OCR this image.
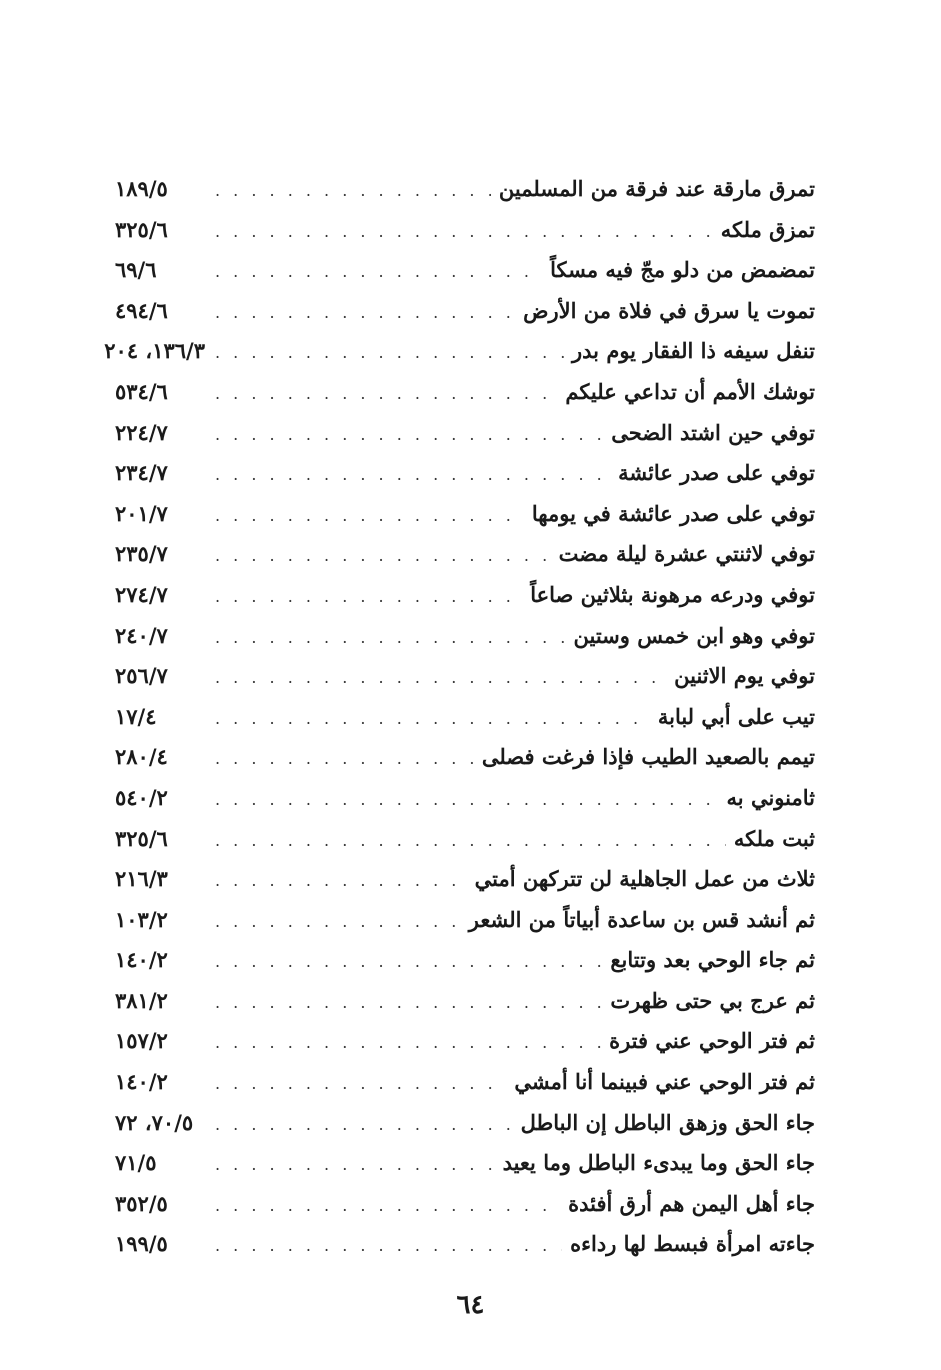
تمرق مارقة عند فرقة من المسلمين
. . .
١٨٩/٥
تمزق ملكه
. . .
٣٢٥/٦
تمضمض من دلو مجّ فيه مسكاً
. . .
٦٩/٦
تموت يا سرق في فلاة من الأرض
. . .
٤٩٤/٦
تنفل سيفه ذا الفقار يوم بدر
. . .
١٣٦/٣، ٢٠٤
توشك الأمم أن تداعي عليكم
. . .
٥٣٤/٦
توفي حين اشتد الضحى
. . .
٢٢٤/٧
توفي على صدر عائشة
. . .
٢٣٤/٧
توفي على صدر عائشة في يومها
. . .
٢٠١/٧
توفي لاثنتي عشرة ليلة مضت
. . .
٢٣٥/٧
توفي ودرعه مرهونة بثلاثين صاعاً
. . .
٢٧٤/٧
توفي وهو ابن خمس وستين
. . .
٢٤٠/٧
توفي يوم الاثنين
. . .
٢٥٦/٧
تيب على أبي لبابة
. . .
١٧/٤
تيمم بالصعيد الطيب فإذا فرغت فصلى
. . .
٢٨٠/٤
ثامنوني به
. . .
٥٤٠/٢
ثبت ملكه
. . .
٣٢٥/٦
ثلاث من عمل الجاهلية لن تتركهن أمتي
. . .
٢١٦/٣
ثم أنشد قس بن ساعدة أبياتاً من الشعر
. . .
١٠٣/٢
ثم جاء الوحي بعد وتتابع
. . .
١٤٠/٢
ثم عرج بي حتى ظهرت
. . .
٣٨١/٢
ثم فتر الوحي عني فترة
. . .
١٥٧/٢
ثم فتر الوحي عني فبينما أنا أمشي
. . .
١٤٠/٢
جاء الحق وزهق الباطل إن الباطل
. . .
٧٠/٥، ٧٢
جاء الحق وما يبدىء الباطل وما يعيد
. . .
٧١/٥
جاء أهل اليمن هم أرق أفئدة
. . .
٣٥٢/٥
جاءته امرأة فبسط لها رداءه
. . .
١٩٩/٥
٦٤
